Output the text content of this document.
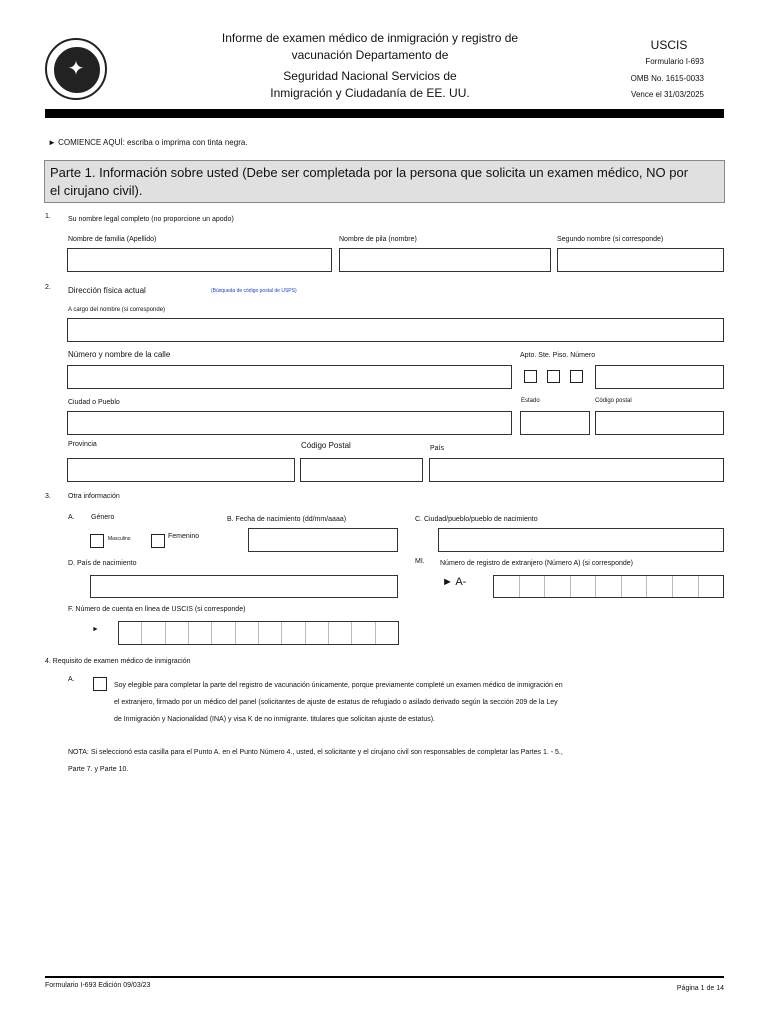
✦
Informe de examen médico de inmigración y registro de
vacunación Departamento de
Seguridad Nacional Servicios de
Inmigración y Ciudadanía de EE. UU.
USCIS
Formulario I-693
OMB No. 1615-0033
Vence el 31/03/2025
► COMIENCE AQUÍ: escriba o imprima con tinta negra.
Parte 1. Información sobre usted (Debe ser completada por la persona que solicita un examen médico, NO por
el cirujano civil).
1. Su nombre legal completo (no proporcione un apodo)
Nombre de familia (Apellido)	Nombre de pila (nombre)	Segundo nombre (si corresponde)
2. Dirección física actual	(Búsqueda de código postal de USPS)
A cargo del nombre (si corresponde)
Número y nombre de la calle	Apto. Ste. Piso. Número
Ciudad o Pueblo	Estado	Código postal
Provincia	Código Postal	País
3. Otra información
A. Género
Masculino	Femenino
B. Fecha de nacimiento (dd/mm/aaaa)	C. Ciudad/pueblo/pueblo de nacimiento
D. País de nacimiento	MI. Número de registro de extranjero (Número A) (si corresponde)
► A-
F. Número de cuenta en línea de USCIS (si corresponde)
►
4. Requisito de examen médico de inmigración
A.
Soy elegible para completar la parte del registro de vacunación únicamente, porque previamente completé un examen médico de inmigración en
el extranjero, firmado por un médico del panel (solicitantes de ajuste de estatus de refugiado o asilado derivado según la sección 209 de la Ley
de Inmigración y Nacionalidad (INA) y visa K de no inmigrante. titulares que solicitan ajuste de estatus).
NOTA: Si seleccionó esta casilla para el Punto A. en el Punto Número 4., usted, el solicitante y el cirujano civil son responsables de completar las Partes 1. - 5.,
Parte 7. y Parte 10.
Formulario I-693 Edición 09/03/23	Página 1 de 14
